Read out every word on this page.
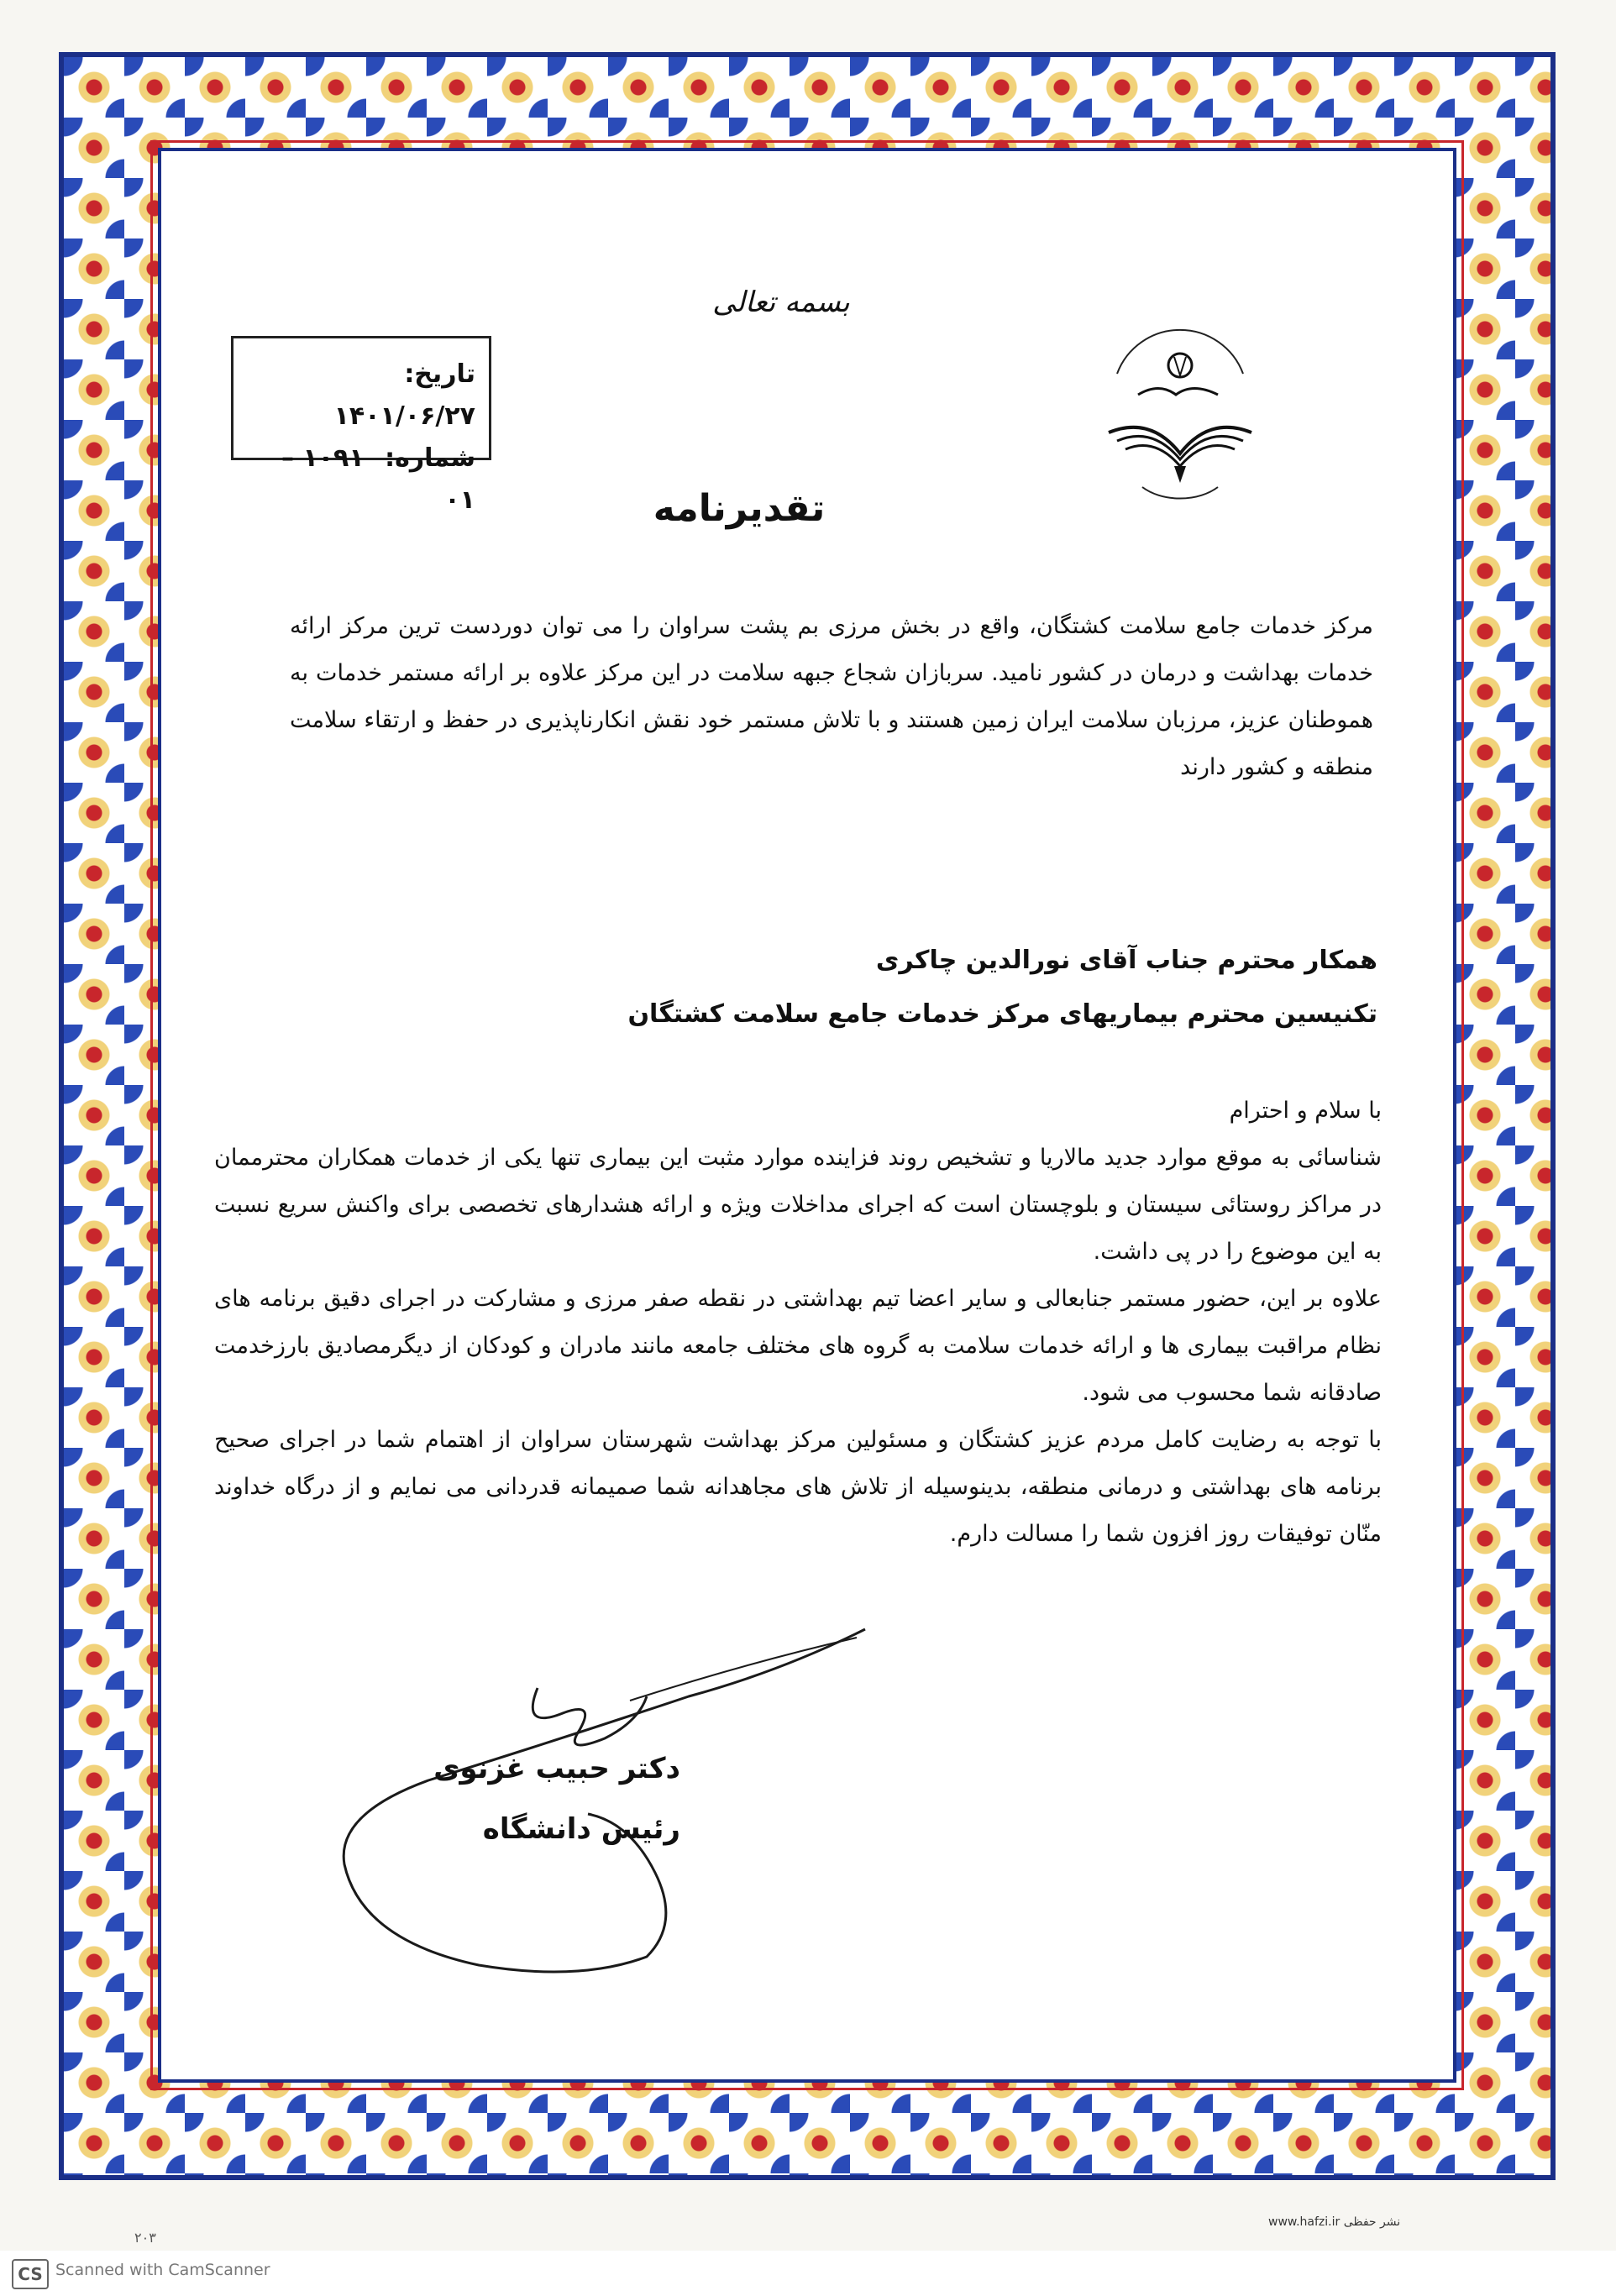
بسمه تعالی
تاریخ: ۱۴۰۱/۰۶/۲۷
شماره: ۱۰۹۱ – ۰۱	تقدیرنامه
مرکز خدمات جامع سلامت کشتگان، واقع در بخش مرزی بم پشت سراوان را می توان دوردست ترین مرکز ارائه خدمات بهداشت و درمان در کشور نامید. سربازان شجاع جبهه سلامت در این مرکز علاوه بر ارائه مستمر خدمات به هموطنان عزیز، مرزبان سلامت ایران زمین هستند و با تلاش مستمر خود نقش انکارناپذیری در حفظ و ارتقاء سلامت منطقه و کشور دارند
همکار محترم جناب آقای نورالدین چاکری
تکنیسین محترم بیماریهای مرکز خدمات جامع سلامت کشتگان

با سلام و احترام

شناسائی به موقع موارد جدید مالاریا و تشخیص روند فزاینده موارد مثبت این بیماری تنها یکی از خدمات همکاران محترممان در مراکز روستائی سیستان و بلوچستان است که اجرای مداخلات ویژه و ارائه هشدارهای تخصصی برای واکنش سریع نسبت به این موضوع را در پی داشت.

علاوه بر این، حضور مستمر جنابعالی و سایر اعضا تیم بهداشتی در نقطه صفر مرزی و مشارکت در اجرای دقیق برنامه های نظام مراقبت بیماری ها و ارائه خدمات سلامت به گروه های مختلف جامعه مانند مادران و کودکان از دیگرمصادیق بارزخدمت صادقانه شما محسوب می شود.

با توجه به رضایت کامل مردم عزیز کشتگان و مسئولین مرکز بهداشت شهرستان سراوان از اهتمام شما در اجرای صحیح برنامه های بهداشتی و درمانی منطقه، بدینوسیله از تلاش های مجاهدانه شما صمیمانه قدردانی می نمایم و از درگاه خداوند منّان توفیقات روز افزون شما را مسالت دارم.

دکتر حبیب غزنوی
رئیس دانشگاه
۲۰۳
www.hafzi.ir نشر حفظی
CS Scanned with CamScanner
